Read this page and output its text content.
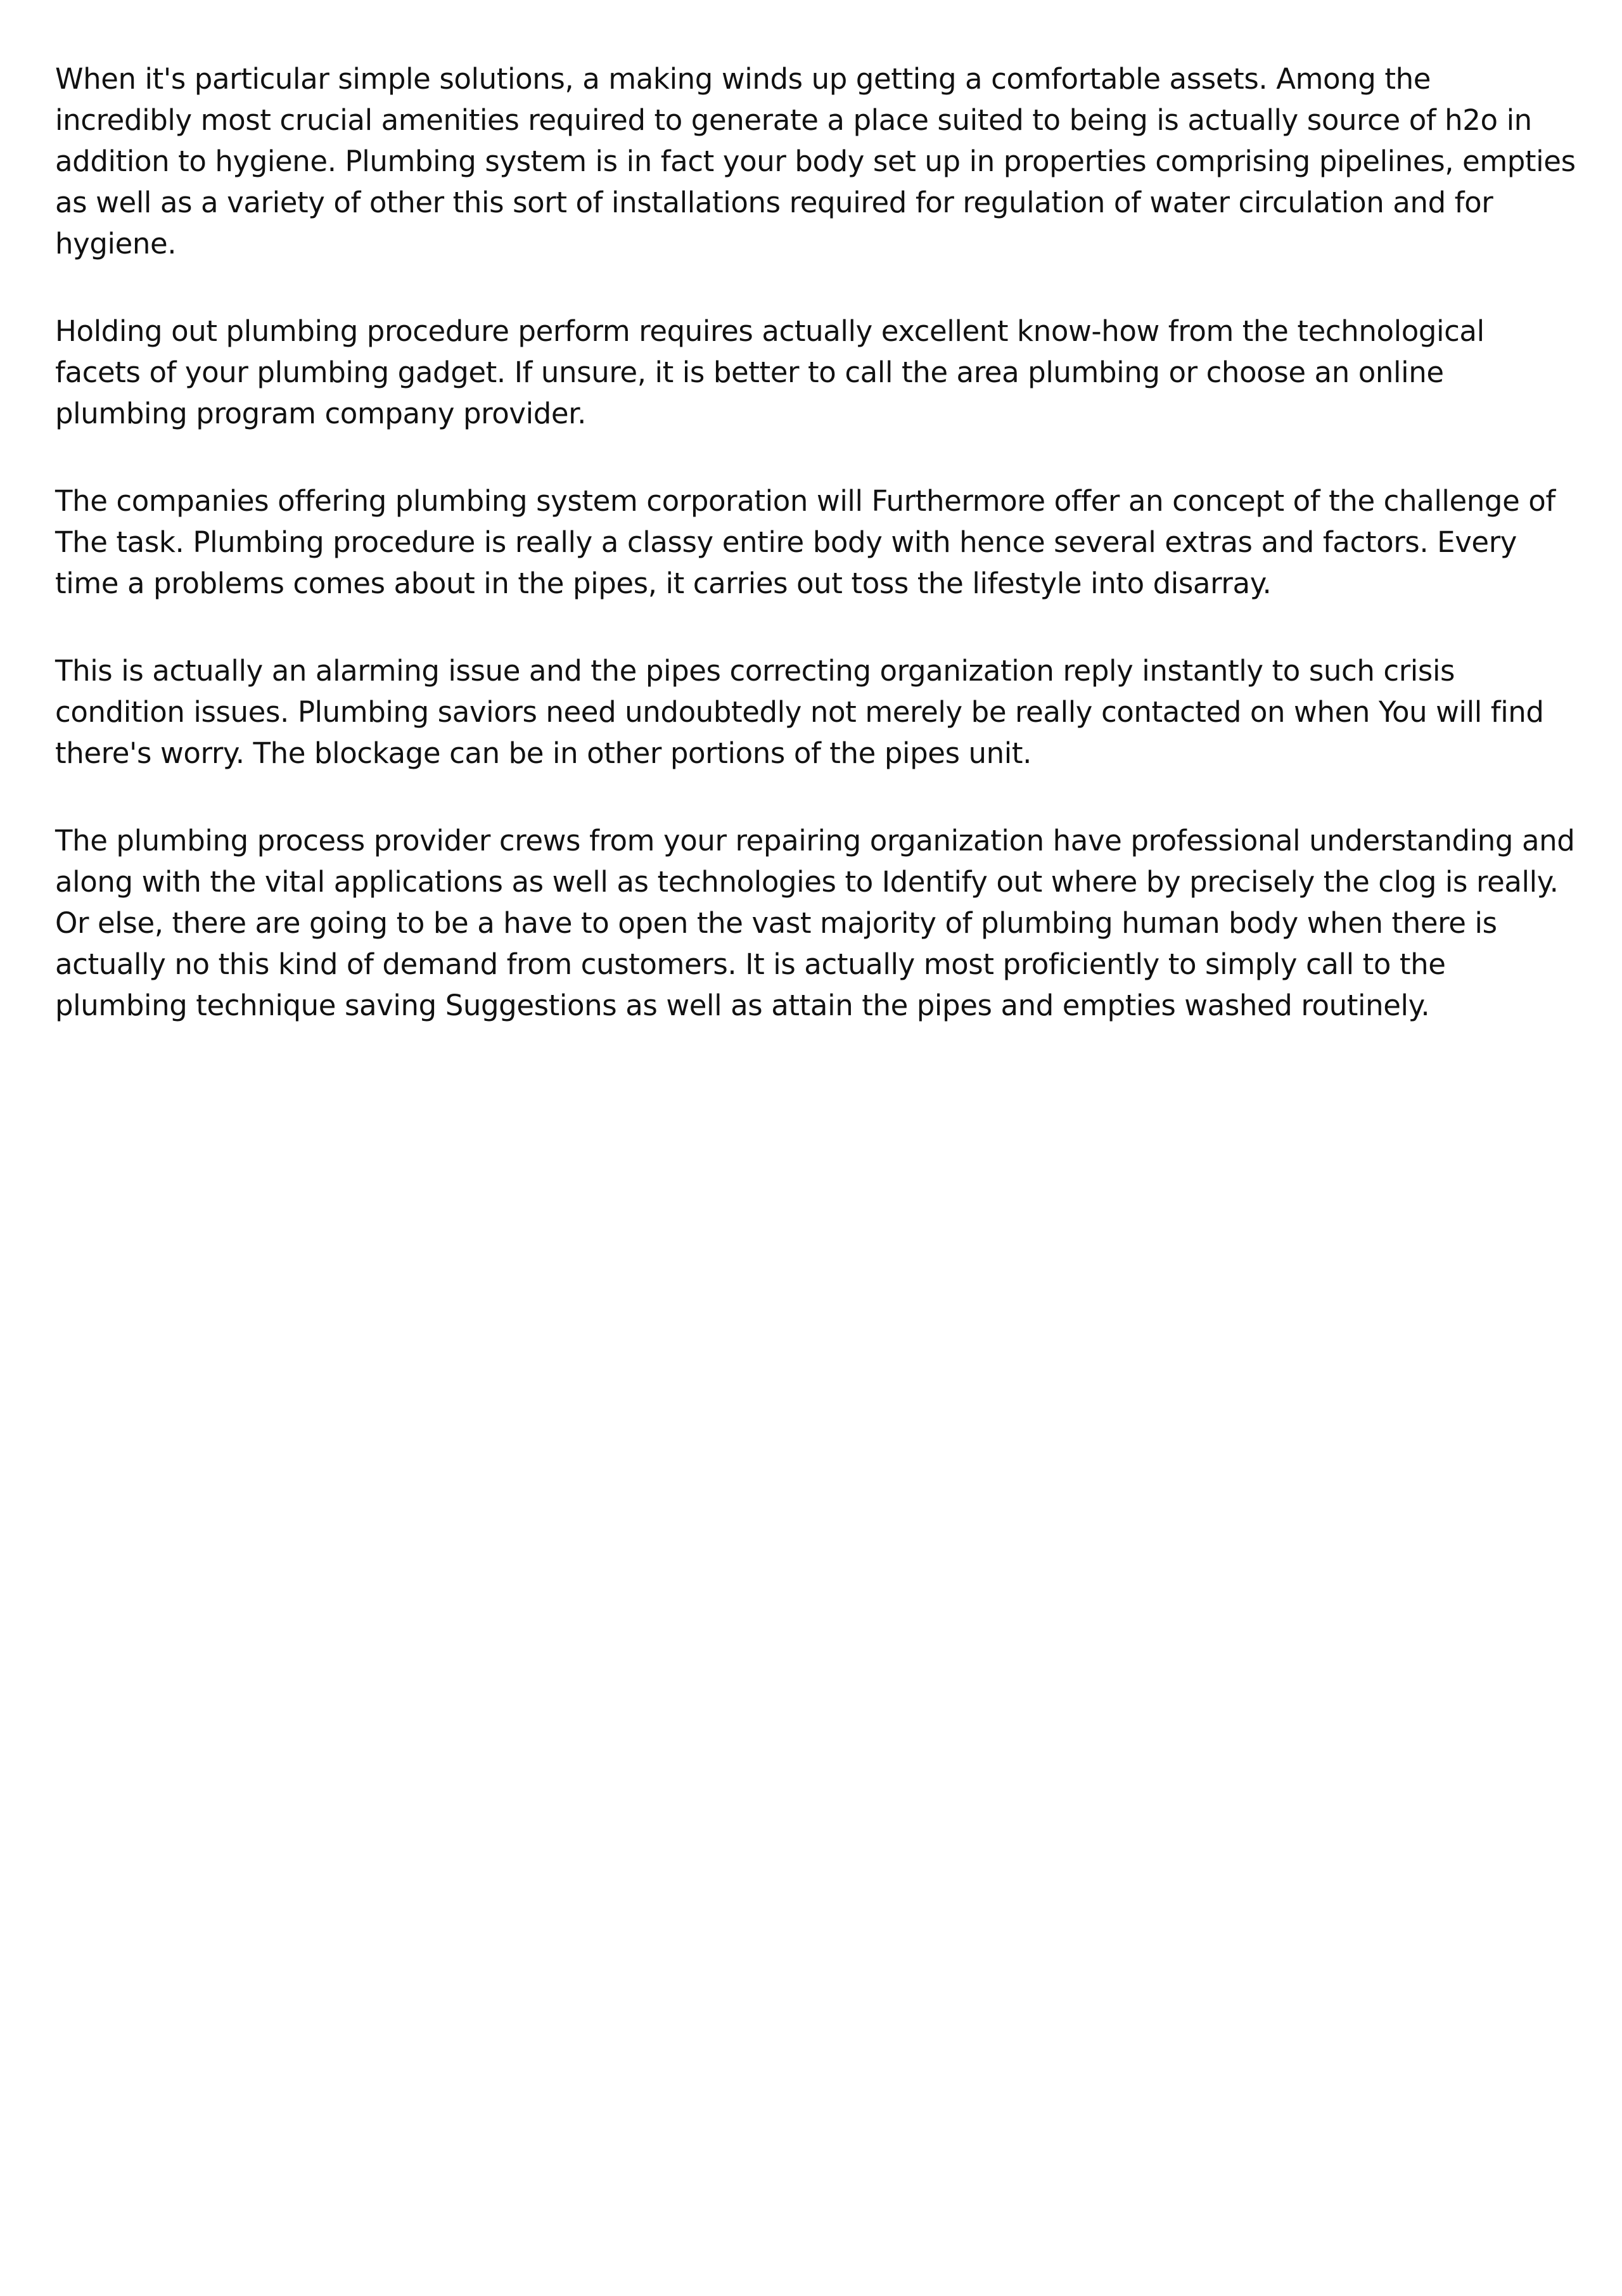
When it's particular simple solutions, a making winds up getting a comfortable assets. Among the incredibly most crucial amenities required to generate a place suited to being is actually source of h2o in addition to hygiene. Plumbing system is in fact your body set up in properties comprising pipelines, empties as well as a variety of other this sort of installations required for regulation of water circulation and for hygiene.

Holding out plumbing procedure perform requires actually excellent know-how from the technological facets of your plumbing gadget. If unsure, it is better to call the area plumbing or choose an online plumbing program company provider.

The companies offering plumbing system corporation will Furthermore offer an concept of the challenge of The task. Plumbing procedure is really a classy entire body with hence several extras and factors. Every time a problems comes about in the pipes, it carries out toss the lifestyle into disarray.

This is actually an alarming issue and the pipes correcting organization reply instantly to such crisis condition issues. Plumbing saviors need undoubtedly not merely be really contacted on when You will find there's worry. The blockage can be in other portions of the pipes unit.

The plumbing process provider crews from your repairing organization have professional understanding and along with the vital applications as well as technologies to Identify out where by precisely the clog is really. Or else, there are going to be a have to open the vast majority of plumbing human body when there is actually no this kind of demand from customers. It is actually most proficiently to simply call to the plumbing technique saving Suggestions as well as attain the pipes and empties washed routinely.
